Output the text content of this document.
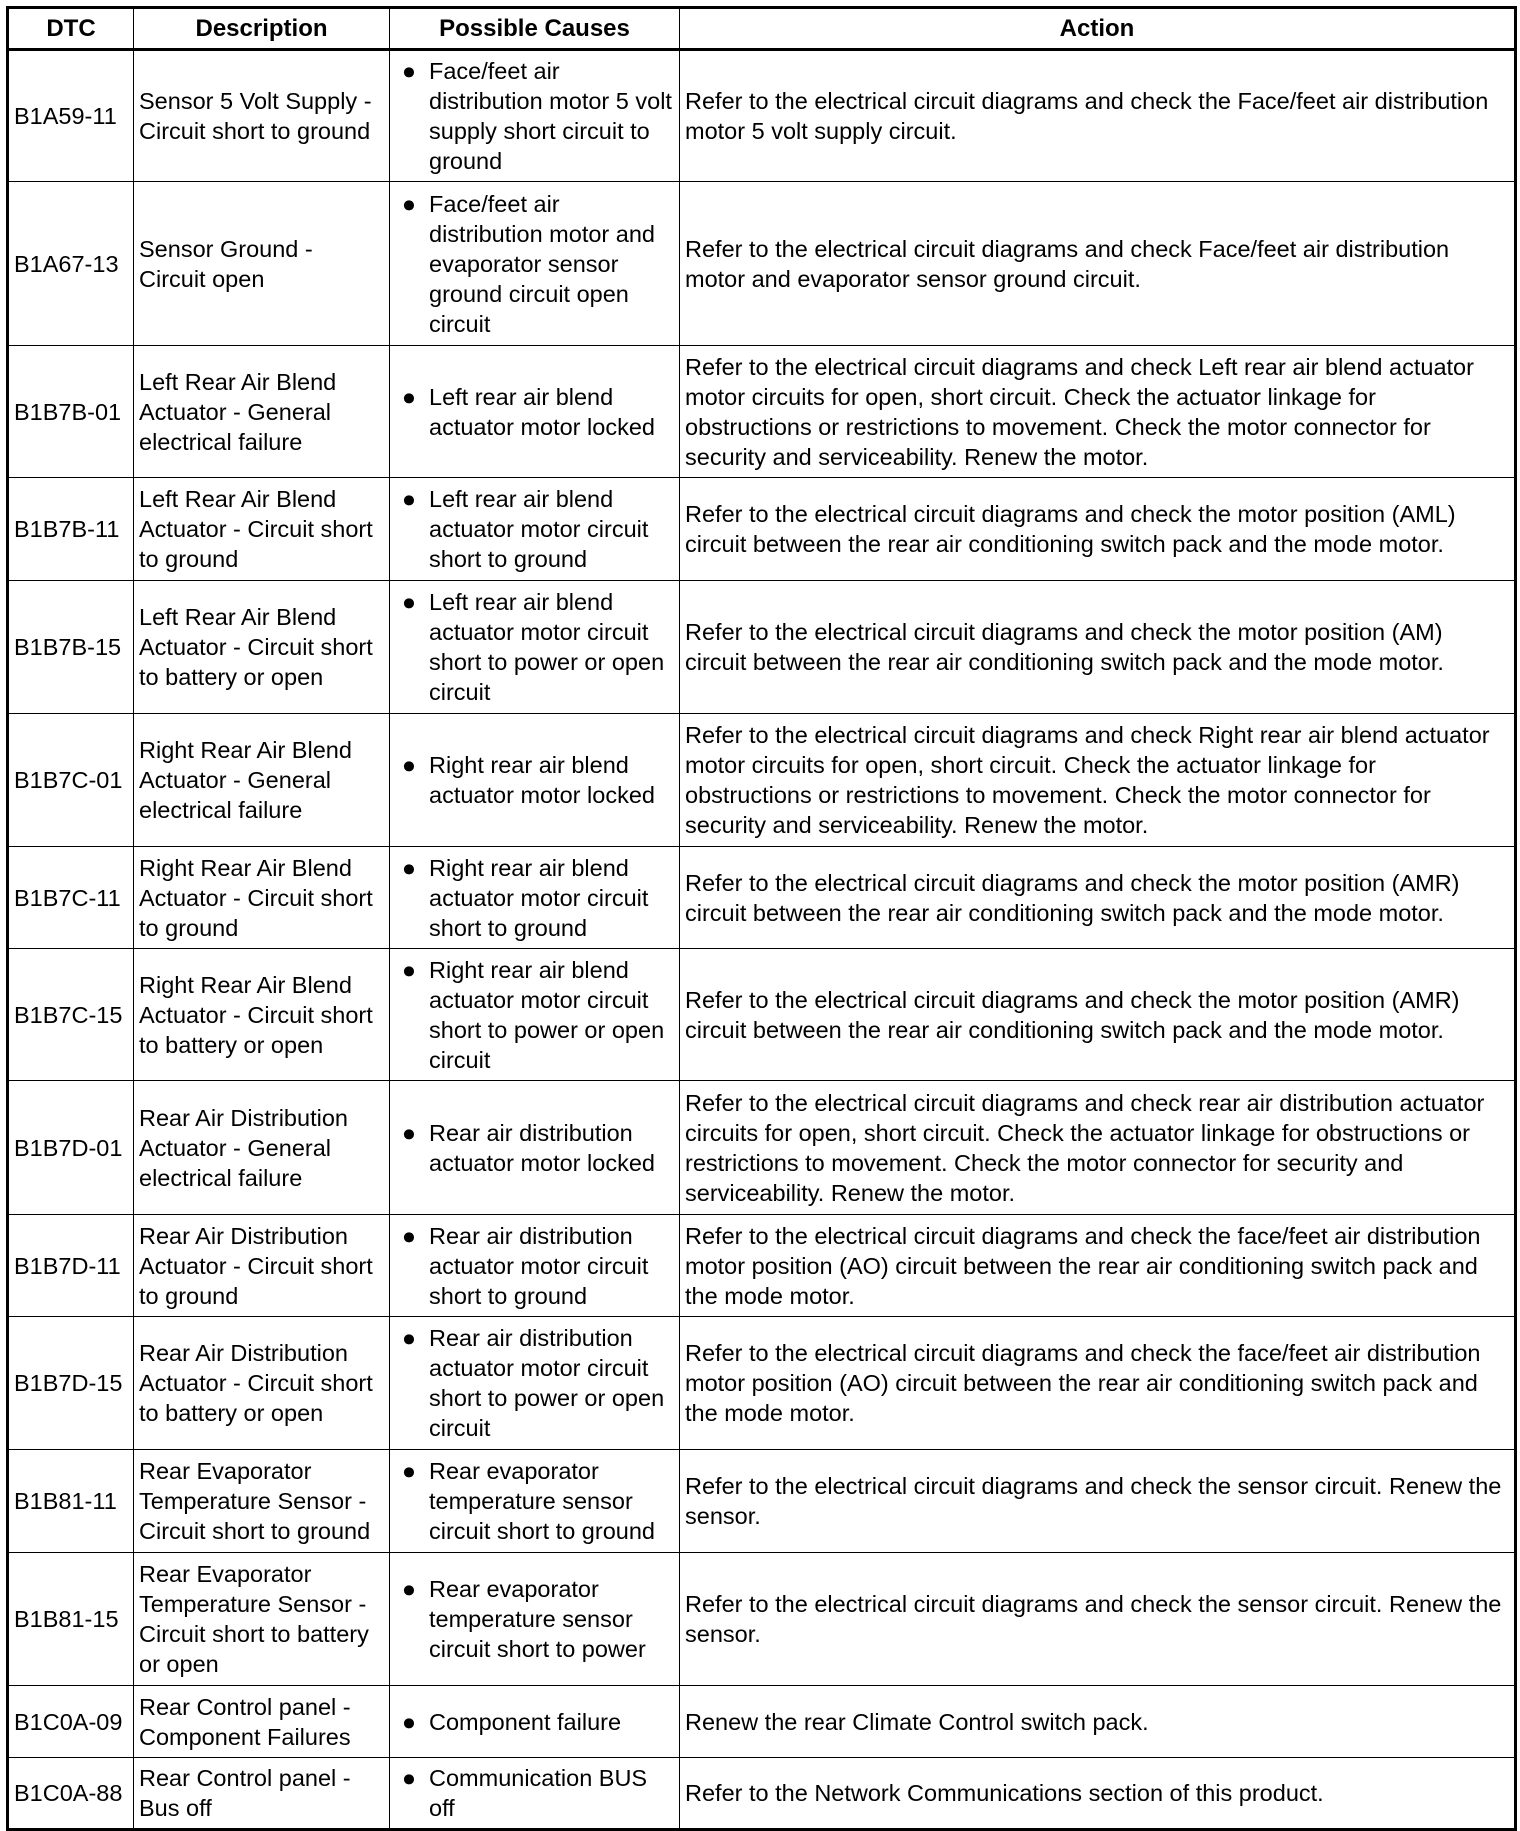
DTC	Description	Possible Causes	Action
B1A59-11	Sensor 5 Volt Supply - Circuit short to ground	● Face/feet air distribution motor 5 volt supply short circuit to ground	Refer to the electrical circuit diagrams and check the Face/feet air distribution motor 5 volt supply circuit.
B1A67-13	Sensor Ground - Circuit open	● Face/feet air distribution motor and evaporator sensor ground circuit open circuit	Refer to the electrical circuit diagrams and check Face/feet air distribution motor and evaporator sensor ground circuit.
B1B7B-01	Left Rear Air Blend Actuator - General electrical failure	● Left rear air blend actuator motor locked	Refer to the electrical circuit diagrams and check Left rear air blend actuator motor circuits for open, short circuit. Check the actuator linkage for obstructions or restrictions to movement. Check the motor connector for security and serviceability. Renew the motor.
B1B7B-11	Left Rear Air Blend Actuator - Circuit short to ground	● Left rear air blend actuator motor circuit short to ground	Refer to the electrical circuit diagrams and check the motor position (AML) circuit between the rear air conditioning switch pack and the mode motor.
B1B7B-15	Left Rear Air Blend Actuator - Circuit short to battery or open	● Left rear air blend actuator motor circuit short to power or open circuit	Refer to the electrical circuit diagrams and check the motor position (AM) circuit between the rear air conditioning switch pack and the mode motor.
B1B7C-01	Right Rear Air Blend Actuator - General electrical failure	● Right rear air blend actuator motor locked	Refer to the electrical circuit diagrams and check Right rear air blend actuator motor circuits for open, short circuit. Check the actuator linkage for obstructions or restrictions to movement. Check the motor connector for security and serviceability. Renew the motor.
B1B7C-11	Right Rear Air Blend Actuator - Circuit short to ground	● Right rear air blend actuator motor circuit short to ground	Refer to the electrical circuit diagrams and check the motor position (AMR) circuit between the rear air conditioning switch pack and the mode motor.
B1B7C-15	Right Rear Air Blend Actuator - Circuit short to battery or open	● Right rear air blend actuator motor circuit short to power or open circuit	Refer to the electrical circuit diagrams and check the motor position (AMR) circuit between the rear air conditioning switch pack and the mode motor.
B1B7D-01	Rear Air Distribution Actuator - General electrical failure	● Rear air distribution actuator motor locked	Refer to the electrical circuit diagrams and check rear air distribution actuator circuits for open, short circuit. Check the actuator linkage for obstructions or restrictions to movement. Check the motor connector for security and serviceability. Renew the motor.
B1B7D-11	Rear Air Distribution Actuator - Circuit short to ground	● Rear air distribution actuator motor circuit short to ground	Refer to the electrical circuit diagrams and check the face/feet air distribution motor position (AO) circuit between the rear air conditioning switch pack and the mode motor.
B1B7D-15	Rear Air Distribution Actuator - Circuit short to battery or open	● Rear air distribution actuator motor circuit short to power or open circuit	Refer to the electrical circuit diagrams and check the face/feet air distribution motor position (AO) circuit between the rear air conditioning switch pack and the mode motor.
B1B81-11	Rear Evaporator Temperature Sensor - Circuit short to ground	● Rear evaporator temperature sensor circuit short to ground	Refer to the electrical circuit diagrams and check the sensor circuit. Renew the sensor.
B1B81-15	Rear Evaporator Temperature Sensor - Circuit short to battery or open	● Rear evaporator temperature sensor circuit short to power	Refer to the electrical circuit diagrams and check the sensor circuit. Renew the sensor.
B1C0A-09	Rear Control panel - Component Failures	● Component failure	Renew the rear Climate Control switch pack.
B1C0A-88	Rear Control panel - Bus off	● Communication BUS off	Refer to the Network Communications section of this product.
